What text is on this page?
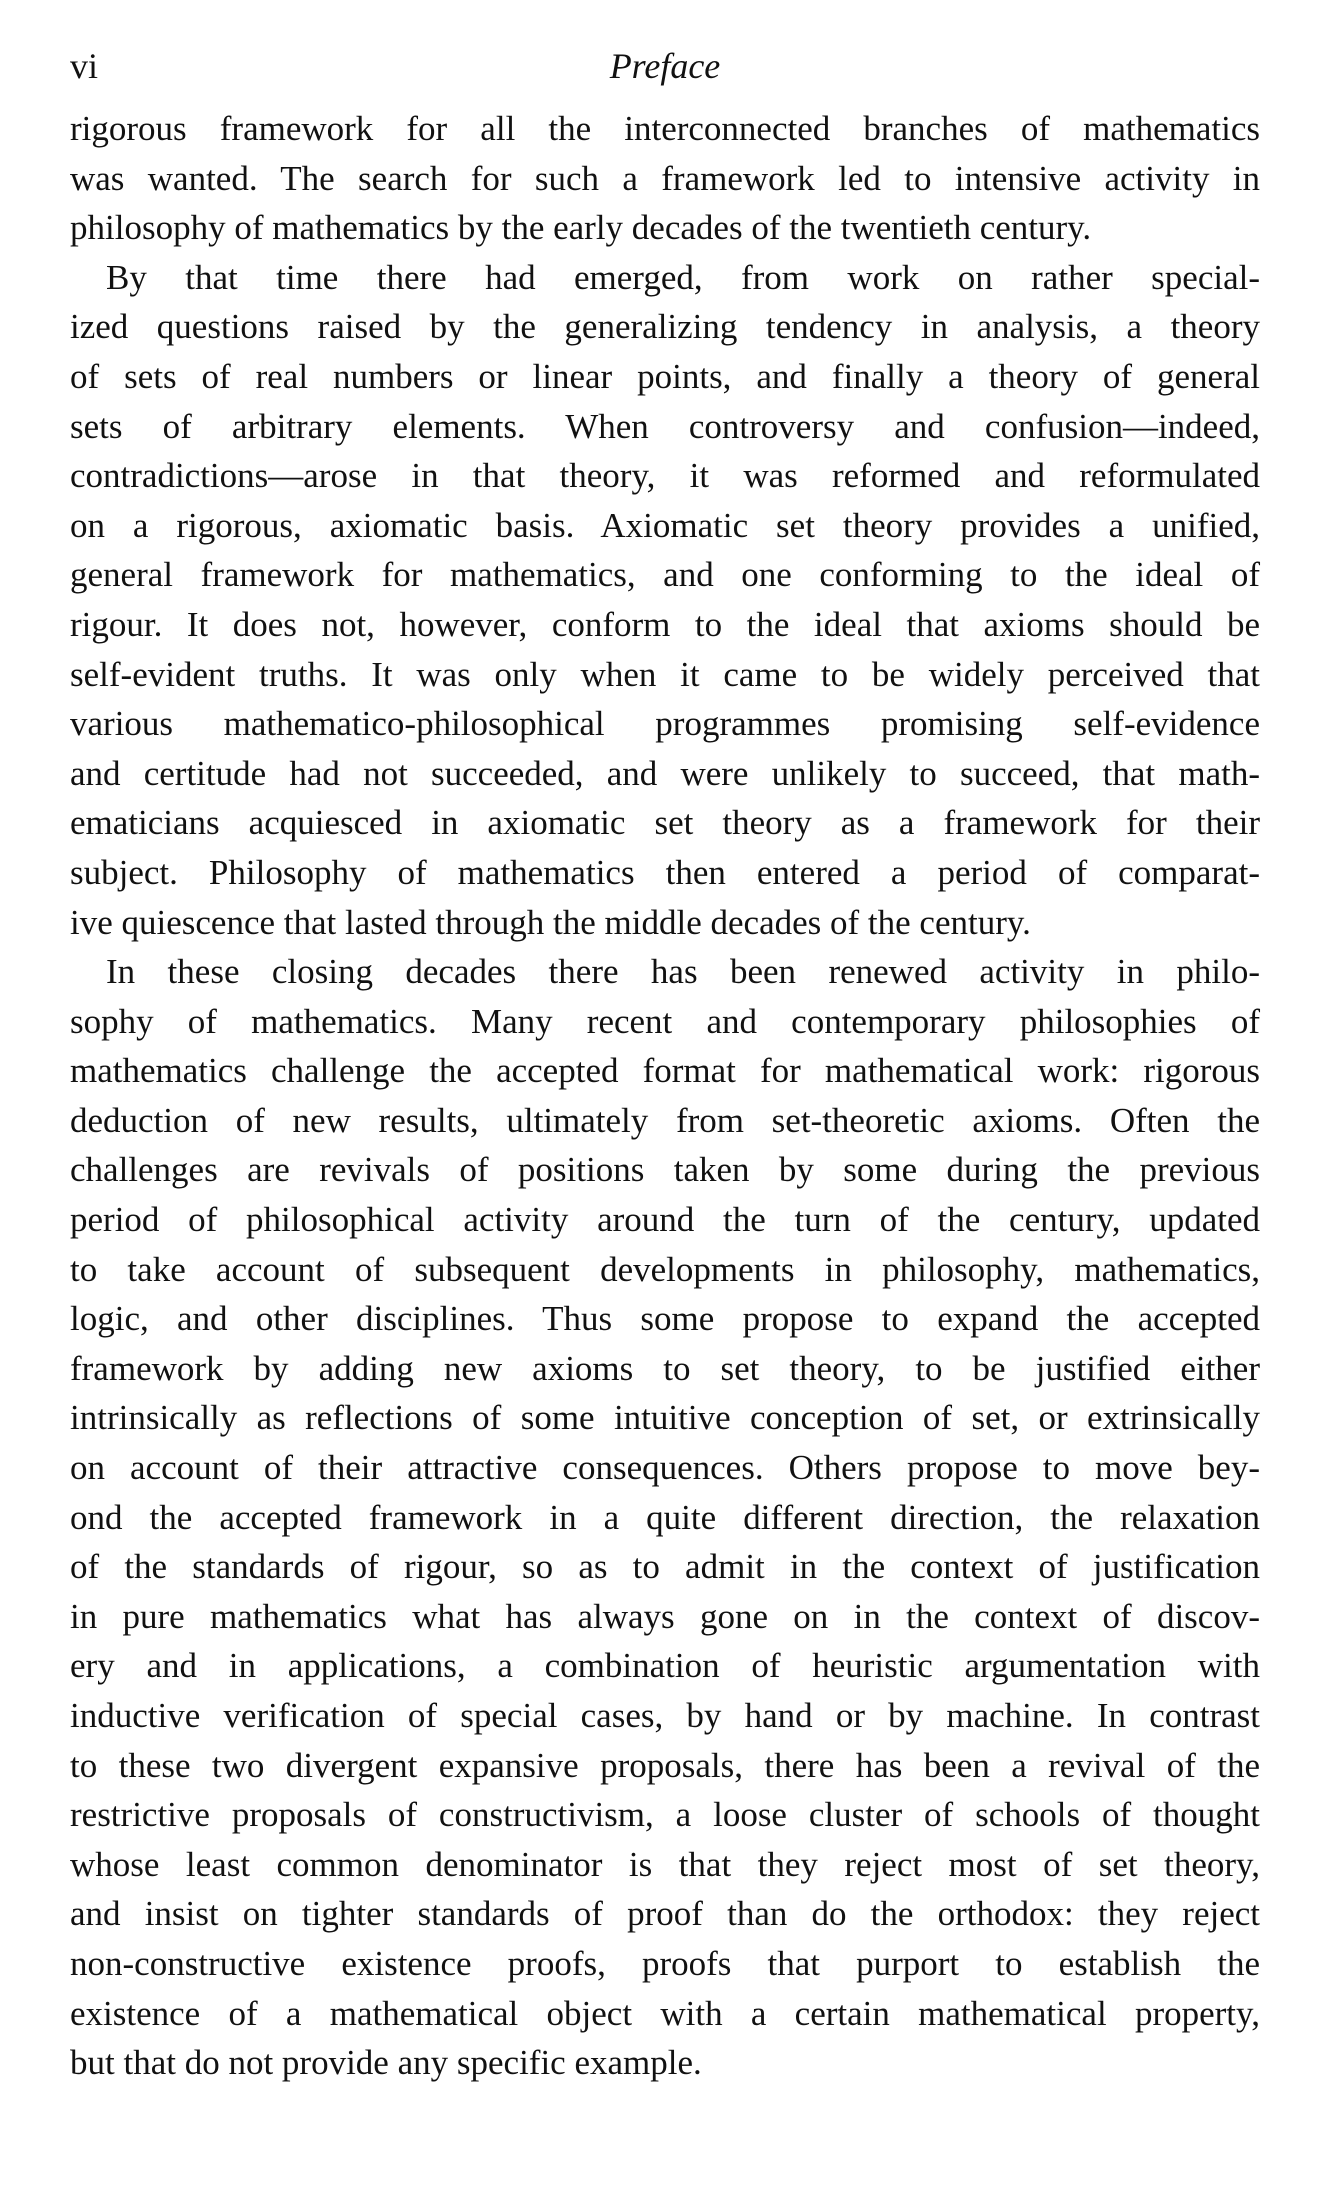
vi	Preface
rigorous framework for all the interconnected branches of mathematics
was wanted. The search for such a framework led to intensive activity in
philosophy of mathematics by the early decades of the twentieth century.
By that time there had emerged, from work on rather special-
ized questions raised by the generalizing tendency in analysis, a theory
of sets of real numbers or linear points, and finally a theory of general
sets of arbitrary elements. When controversy and confusion—indeed,
contradictions—arose in that theory, it was reformed and reformulated
on a rigorous, axiomatic basis. Axiomatic set theory provides a unified,
general framework for mathematics, and one conforming to the ideal of
rigour. It does not, however, conform to the ideal that axioms should be
self-evident truths. It was only when it came to be widely perceived that
various mathematico-philosophical programmes promising self-evidence
and certitude had not succeeded, and were unlikely to succeed, that math-
ematicians acquiesced in axiomatic set theory as a framework for their
subject. Philosophy of mathematics then entered a period of comparat-
ive quiescence that lasted through the middle decades of the century.
In these closing decades there has been renewed activity in philo-
sophy of mathematics. Many recent and contemporary philosophies of
mathematics challenge the accepted format for mathematical work: rigorous
deduction of new results, ultimately from set-theoretic axioms. Often the
challenges are revivals of positions taken by some during the previous
period of philosophical activity around the turn of the century, updated
to take account of subsequent developments in philosophy, mathematics,
logic, and other disciplines. Thus some propose to expand the accepted
framework by adding new axioms to set theory, to be justified either
intrinsically as reflections of some intuitive conception of set, or extrinsically
on account of their attractive consequences. Others propose to move bey-
ond the accepted framework in a quite different direction, the relaxation
of the standards of rigour, so as to admit in the context of justification
in pure mathematics what has always gone on in the context of discov-
ery and in applications, a combination of heuristic argumentation with
inductive verification of special cases, by hand or by machine. In contrast
to these two divergent expansive proposals, there has been a revival of the
restrictive proposals of constructivism, a loose cluster of schools of thought
whose least common denominator is that they reject most of set theory,
and insist on tighter standards of proof than do the orthodox: they reject
non-constructive existence proofs, proofs that purport to establish the
existence of a mathematical object with a certain mathematical property,
but that do not provide any specific example.
